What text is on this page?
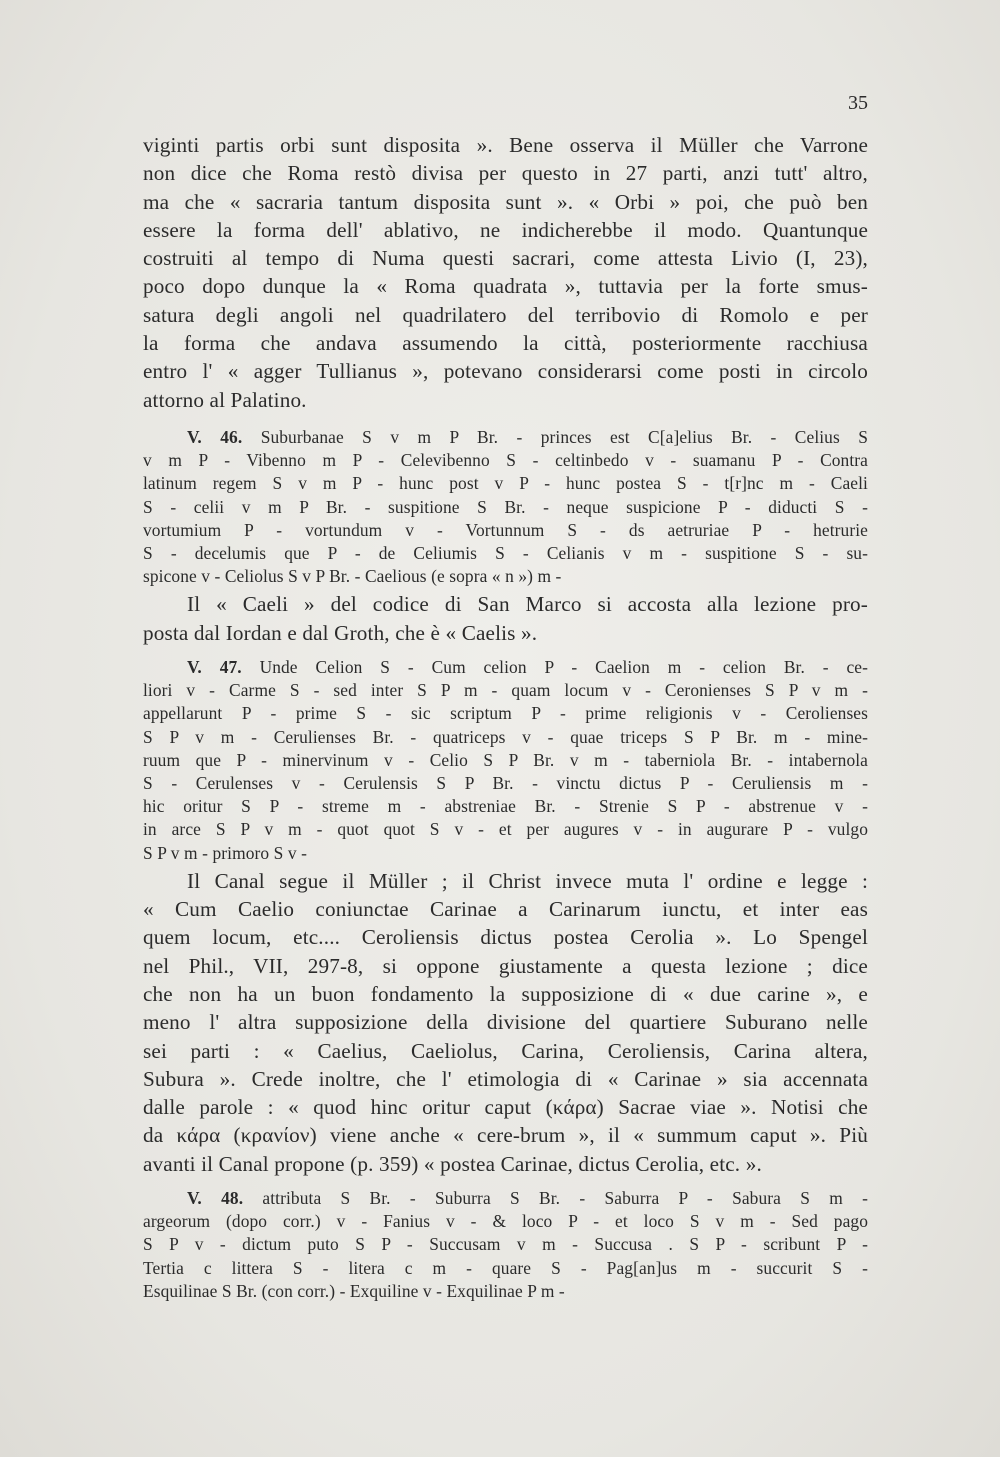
35
viginti partis orbi sunt disposita ». Bene osserva il Müller che Varrone
non dice che Roma restò divisa per questo in 27 parti, anzi tutt' altro,
ma che « sacraria tantum disposita sunt ». « Orbi » poi, che può ben
essere la forma dell' ablativo, ne indicherebbe il modo. Quantunque
costruiti al tempo di Numa questi sacrari, come attesta Livio (I, 23),
poco dopo dunque la « Roma quadrata », tuttavia per la forte smus-
satura degli angoli nel quadrilatero del terribovio di Romolo e per
la forma che andava assumendo la città, posteriormente racchiusa
entro l' « agger Tullianus », potevano considerarsi come posti in circolo
attorno al Palatino.
V. 46. Suburbanae S v m P Br. - princes est C[a]elius Br. - Celius S
v m P - Vibenno m P - Celevibenno S - celtinbedo v - suamanu P - Contra
latinum regem S v m P - hunc post v P - hunc postea S - t[r]nc m - Caeli
S - celii v m P Br. - suspitione S Br. - neque suspicione P - diducti S -
vortumium P - vortundum v - Vortunnum S - ds aetruriae P - hetrurie
S - decelumis que P - de Celiumis S - Celianis v m - suspitione S - su-
spicone v - Celiolus S v P Br. - Caelious (e sopra « n ») m -
Il « Caeli » del codice di San Marco si accosta alla lezione pro-
posta dal Iordan e dal Groth, che è « Caelis ».
V. 47. Unde Celion S - Cum celion P - Caelion m - celion Br. - ce-
liori v - Carme S - sed inter S P m - quam locum v - Ceronienses S P v m -
appellarunt P - prime S - sic scriptum P - prime religionis v - Cerolienses
S P v m - Cerulienses Br. - quatriceps v - quae triceps S P Br. m - mine-
ruum que P - minervinum v - Celio S P Br. v m - taberniola Br. - intabernola
S - Cerulenses v - Cerulensis S P Br. - vinctu dictus P - Ceruliensis m -
hic oritur S P - streme m - abstreniae Br. - Strenie S P - abstrenue v -
in arce S P v m - quot quot S v - et per augures v - in augurare P - vulgo
S P v m - primoro S v -
Il Canal segue il Müller ; il Christ invece muta l' ordine e legge :
« Cum Caelio coniunctae Carinae a Carinarum iunctu, et inter eas
quem locum, etc.... Ceroliensis dictus postea Cerolia ». Lo Spengel
nel Phil., VII, 297-8, si oppone giustamente a questa lezione ; dice
che non ha un buon fondamento la supposizione di « due carine », e
meno l' altra supposizione della divisione del quartiere Suburano nelle
sei parti : « Caelius, Caeliolus, Carina, Ceroliensis, Carina altera,
Subura ». Crede inoltre, che l' etimologia di « Carinae » sia accennata
dalle parole : « quod hinc oritur caput (κάρα) Sacrae viae ». Notisi che
da κάρα (κρανίον) viene anche « cere-brum », il « summum caput ». Più
avanti il Canal propone (p. 359) « postea Carinae, dictus Cerolia, etc. ».
V. 48. attributa S Br. - Suburra S Br. - Saburra P - Sabura S m -
argeorum (dopo corr.) v - Fanius v - & loco P - et loco S v m - Sed pago
S P v - dictum puto S P - Succusam v m - Succusa . S P - scribunt P -
Tertia c littera S - litera c m - quare S - Pag[an]us m - succurit S -
Esquilinae S Br. (con corr.) - Exquiline v - Exquilinae P m -
